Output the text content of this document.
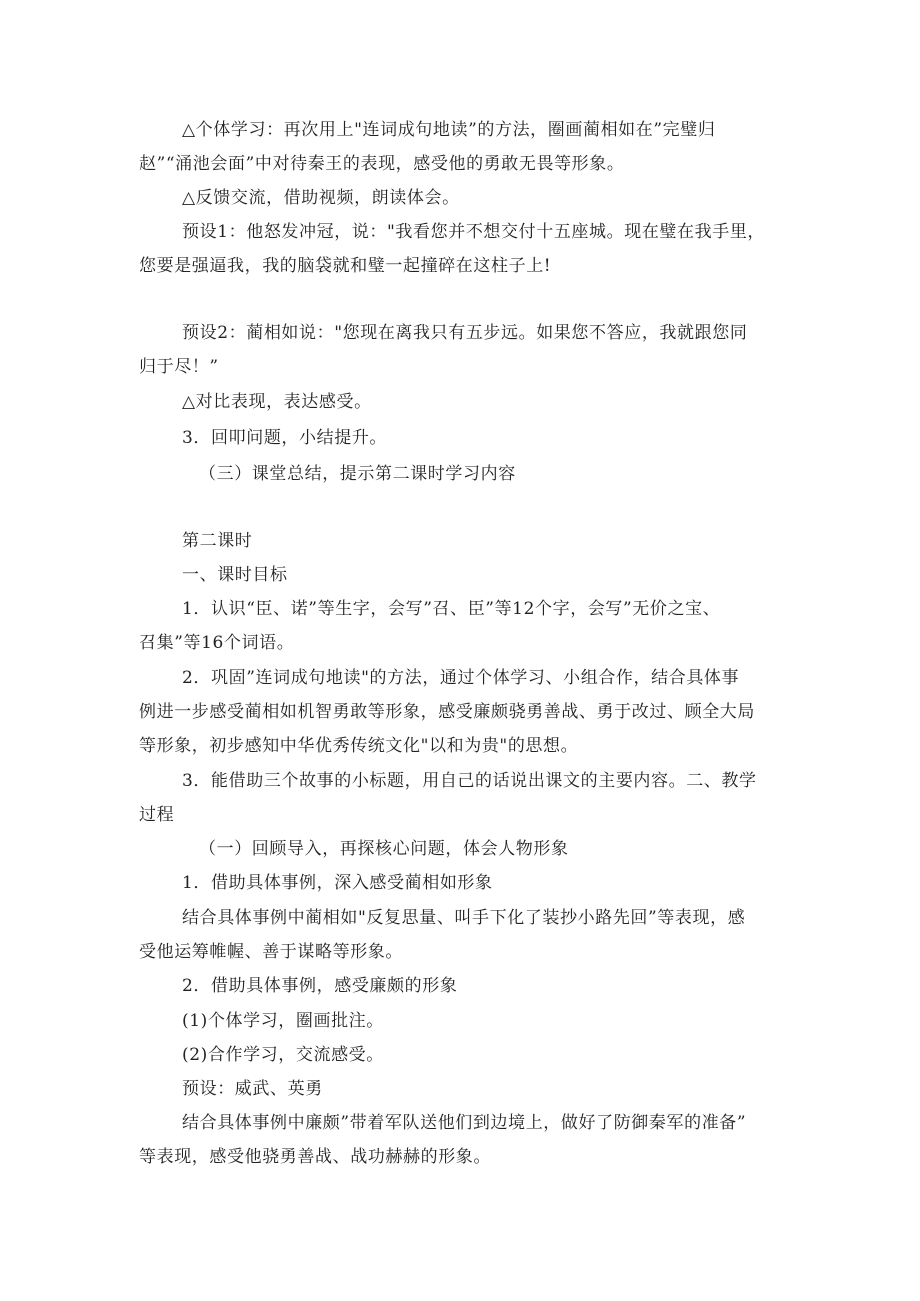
△个体学习：再次用上"连词成句地读”的方法，圈画蔺相如在”完璧归
赵”“涌池会面”中对待秦王的表现，感受他的勇敢无畏等形象。
△反馈交流，借助视频，朗读体会。
预设1：他怒发冲冠，说："我看您并不想交付十五座城。现在璧在我手里，
您要是强逼我，我的脑袋就和璧一起撞碎在这柱子上!
预设2：蔺相如说："您现在离我只有五步远。如果您不答应，我就跟您同
归于尽！”
△对比表现，表达感受。
3．回叩问题，小结提升。
（三）课堂总结，提示第二课时学习内容
第二课时
一、课时目标
1．认识“臣、诺”等生字，会写”召、臣”等12个字，会写”无价之宝、
召集”等16个词语。
2．巩固”连词成句地读"的方法，通过个体学习、小组合作，结合具体事
例进一步感受蔺相如机智勇敢等形象，感受廉颇骁勇善战、勇于改过、顾全大局
等形象，初步感知中华优秀传统文化"以和为贵"的思想。
3．能借助三个故事的小标题，用自己的话说出课文的主要内容。二、教学
过程
（一）回顾导入，再探核心问题，体会人物形象
1．借助具体事例，深入感受蔺相如形象
结合具体事例中蔺相如"反复思量、叫手下化了装抄小路先回”等表现，感
受他运筹帷幄、善于谋略等形象。
2．借助具体事例，感受廉颇的形象
(1)个体学习，圈画批注。
(2)合作学习，交流感受。
预设：威武、英勇
结合具体事例中廉颇”带着军队送他们到边境上，做好了防御秦军的准备”
等表现，感受他骁勇善战、战功赫赫的形象。
